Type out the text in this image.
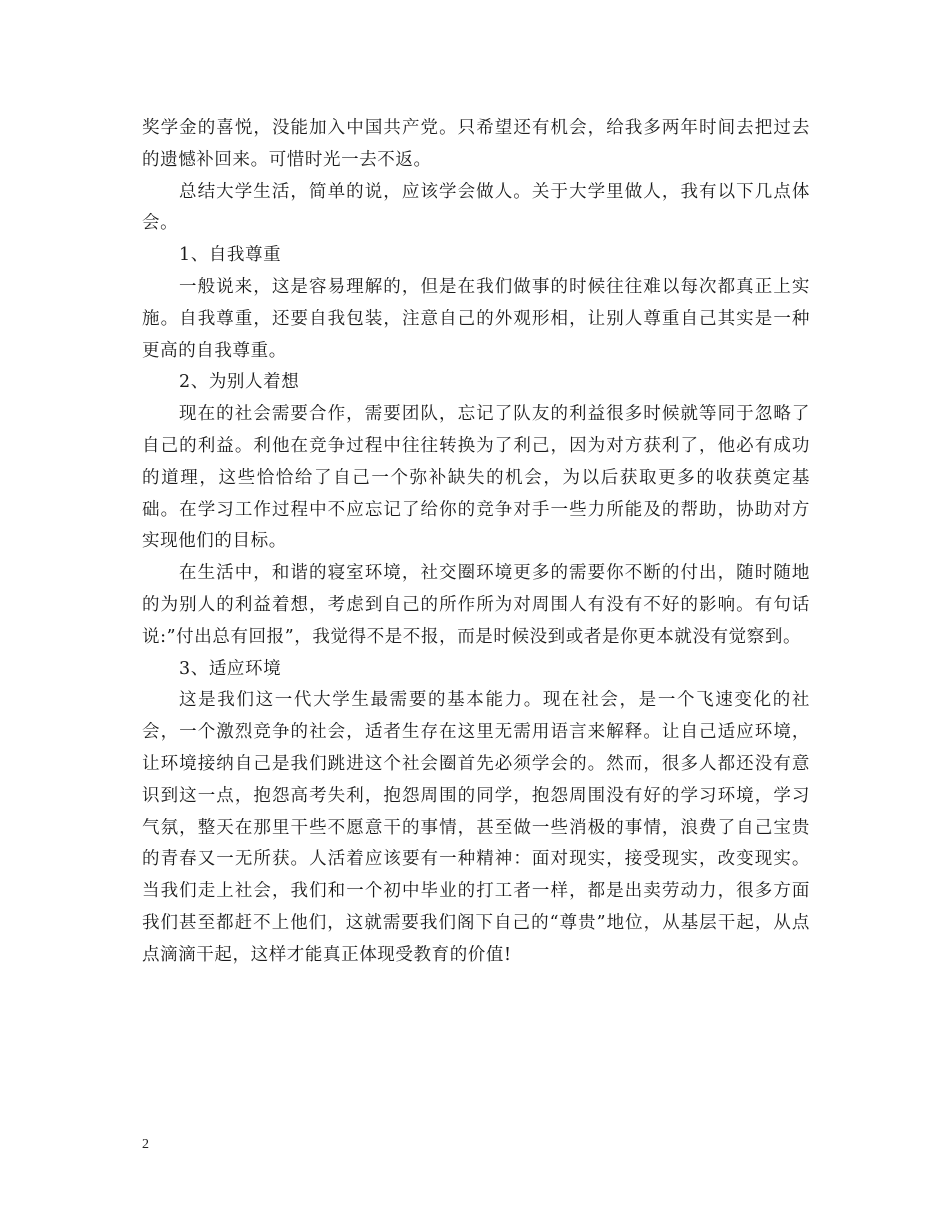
奖学金的喜悦，没能加入中国共产党。只希望还有机会，给我多两年时间去把过去的遗憾补回来。可惜时光一去不返。

总结大学生活，简单的说，应该学会做人。关于大学里做人，我有以下几点体会。

1、自我尊重

一般说来，这是容易理解的，但是在我们做事的时候往往难以每次都真正上实施。自我尊重，还要自我包装，注意自己的外观形相，让别人尊重自己其实是一种更高的自我尊重。

2、为别人着想

现在的社会需要合作，需要团队，忘记了队友的利益很多时候就等同于忽略了自己的利益。利他在竞争过程中往往转换为了利己，因为对方获利了，他必有成功的道理，这些恰恰给了自己一个弥补缺失的机会，为以后获取更多的收获奠定基础。在学习工作过程中不应忘记了给你的竞争对手一些力所能及的帮助，协助对方实现他们的目标。

在生活中，和谐的寝室环境，社交圈环境更多的需要你不断的付出，随时随地的为别人的利益着想，考虑到自己的所作所为对周围人有没有不好的影响。有句话说:”付出总有回报”，我觉得不是不报，而是时候没到或者是你更本就没有觉察到。

3、适应环境

这是我们这一代大学生最需要的基本能力。现在社会，是一个飞速变化的社会，一个激烈竞争的社会，适者生存在这里无需用语言来解释。让自己适应环境，让环境接纳自己是我们跳进这个社会圈首先必须学会的。然而，很多人都还没有意识到这一点，抱怨高考失利，抱怨周围的同学，抱怨周围没有好的学习环境，学习气氛，整天在那里干些不愿意干的事情，甚至做一些消极的事情，浪费了自己宝贵的青春又一无所获。人活着应该要有一种精神：面对现实，接受现实，改变现实。当我们走上社会，我们和一个初中毕业的打工者一样，都是出卖劳动力，很多方面我们甚至都赶不上他们，这就需要我们阁下自己的“尊贵”地位，从基层干起，从点点滴滴干起，这样才能真正体现受教育的价值!

2
